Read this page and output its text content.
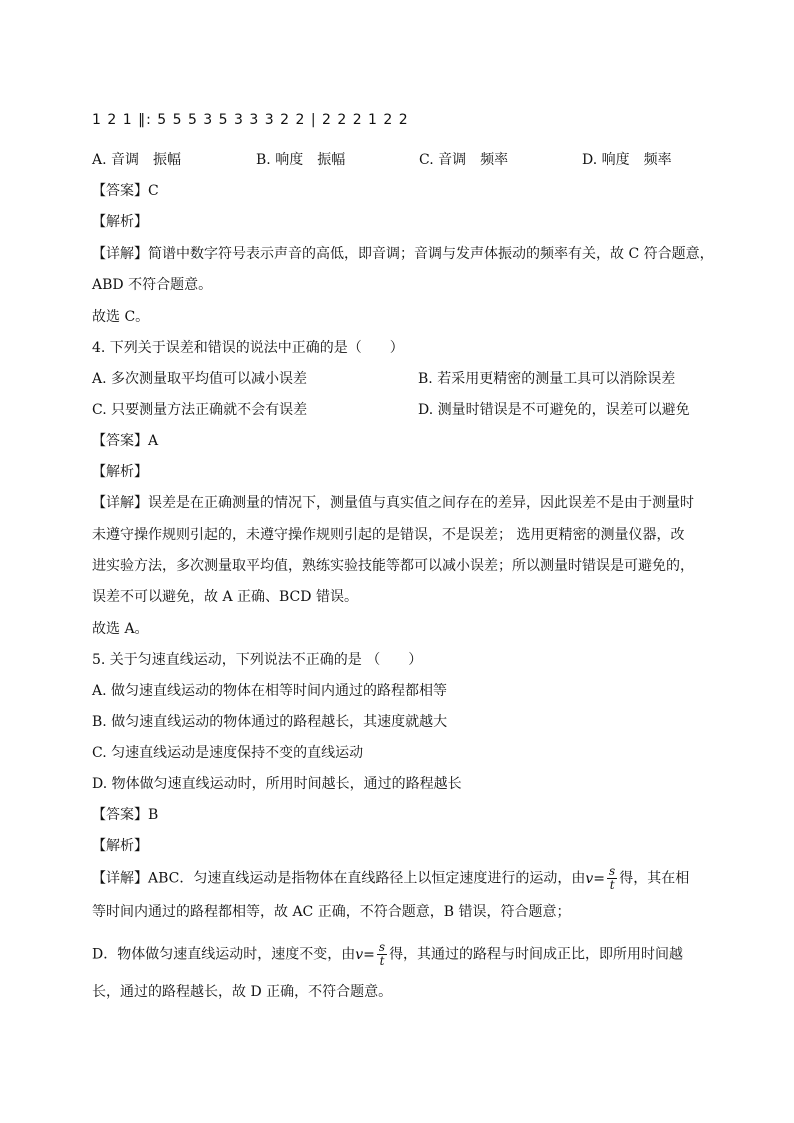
1 2 1 ‖: 5 5 5 3 5 3 3 3 2 2 | 2 2 2 1 2 2
A. 音调　振幅	B. 响度　振幅	C. 音调　频率	D. 响度　频率
【答案】C
【解析】
【详解】简谱中数字符号表示声音的高低，即音调；音调与发声体振动的频率有关，故 C 符合题意，
ABD 不符合题意。
故选 C。
4. 下列关于误差和错误的说法中正确的是（　　）
A. 多次测量取平均值可以减小误差	B. 若采用更精密的测量工具可以消除误差
C. 只要测量方法正确就不会有误差	D. 测量时错误是不可避免的，误差可以避免
【答案】A
【解析】
【详解】误差是在正确测量的情况下，测量值与真实值之间存在的差异，因此误差不是由于测量时
未遵守操作规则引起的，未遵守操作规则引起的是错误，不是误差； 选用更精密的测量仪器，改
进实验方法，多次测量取平均值，熟练实验技能等都可以减小误差；所以测量时错误是可避免的，
误差不可以避免，故 A 正确、BCD 错误。
故选 A。
5. 关于匀速直线运动，下列说法不正确的是 （　　）
A. 做匀速直线运动的物体在相等时间内通过的路程都相等
B. 做匀速直线运动的物体通过的路程越长，其速度就越大
C. 匀速直线运动是速度保持不变的直线运动
D. 物体做匀速直线运动时，所用时间越长，通过的路程越长
【答案】B
【解析】
【详解】ABC．匀速直线运动是指物体在直线路径上以恒定速度进行的运动，由$v= \frac{s}{t}$ 得，其在相
等时间内通过的路程都相等，故 AC 正确，不符合题意，B 错误，符合题意；
D．物体做匀速直线运动时，速度不变，由$v= \frac{s}{t}$ 得，其通过的路程与时间成正比，即所用时间越
长，通过的路程越长，故 D 正确，不符合题意。
